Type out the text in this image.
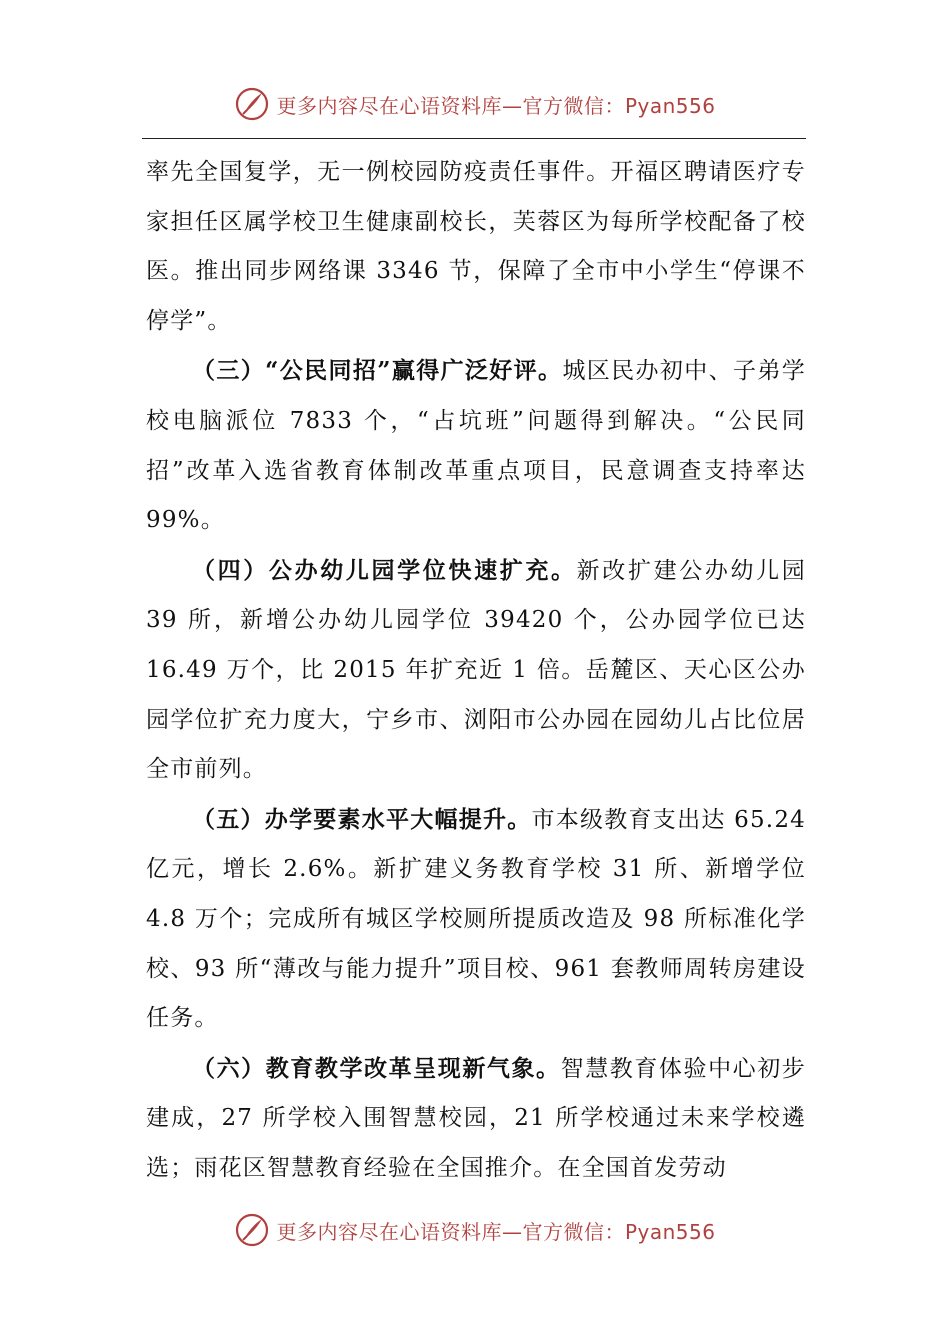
更多内容尽在心语资料库—官方微信：Pyan556

率先全国复学，无一例校园防疫责任事件。开福区聘请医疗专家担任区属学校卫生健康副校长，芙蓉区为每所学校配备了校医。推出同步网络课 3346 节，保障了全市中小学生“停课不停学”。

（三）“公民同招”赢得广泛好评。城区民办初中、子弟学校电脑派位 7833 个，“占坑班”问题得到解决。“公民同招”改革入选省教育体制改革重点项目，民意调查支持率达 99%。

（四）公办幼儿园学位快速扩充。新改扩建公办幼儿园 39 所，新增公办幼儿园学位 39420 个，公办园学位已达 16.49 万个，比 2015 年扩充近 1 倍。岳麓区、天心区公办园学位扩充力度大，宁乡市、浏阳市公办园在园幼儿占比位居全市前列。

（五）办学要素水平大幅提升。市本级教育支出达 65.24 亿元，增长 2.6%。新扩建义务教育学校 31 所、新增学位 4.8 万个；完成所有城区学校厕所提质改造及 98 所标准化学校、93 所“薄改与能力提升”项目校、961 套教师周转房建设任务。

（六）教育教学改革呈现新气象。智慧教育体验中心初步建成，27 所学校入围智慧校园，21 所学校通过未来学校遴选；雨花区智慧教育经验在全国推介。在全国首发劳动

更多内容尽在心语资料库—官方微信：Pyan556
